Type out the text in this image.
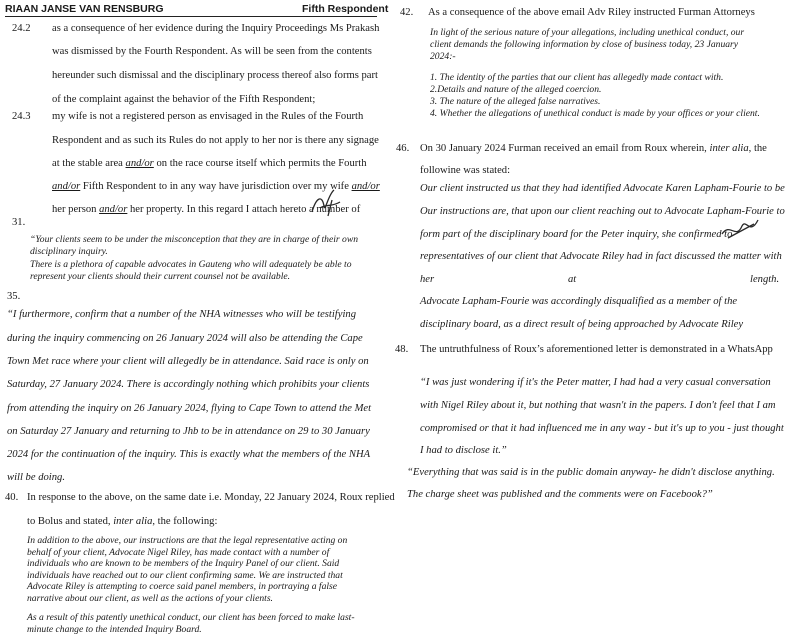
RIAAN JANSE VAN RENSBURG	Fifth Respondent
24.2 as a consequence of her evidence during the Inquiry Proceedings Ms Prakash
was dismissed by the Fourth Respondent. As will be seen from the contents
hereunder such dismissal and the disciplinary process thereof also forms part
of the complaint against the behavior of the Fifth Respondent;
24.3 my wife is not a registered person as envisaged in the Rules of the Fourth
Respondent and as such its Rules do not apply to her nor is there any signage
at the stable area and/or on the race course itself which permits the Fourth
and/or Fifth Respondent to in any way have jurisdiction over my wife and/or
her person and/or her property. In this regard I attach hereto a number of
31.
“Your clients seem to be under the misconception that they are in charge of their own
disciplinary inquiry.
There is a plethora of capable advocates in Gauteng who will adequately be able to
represent your clients should their current counsel not be available.
35.
“I furthermore, confirm that a number of the NHA witnesses who will be testifying
during the inquiry commencing on 26 January 2024 will also be attending the Cape
Town Met race where your client will allegedly be in attendance. Said race is only on
Saturday, 27 January 2024. There is accordingly nothing which prohibits your clients
from attending the inquiry on 26 January 2024, flying to Cape Town to attend the Met
on Saturday 27 January and returning to Jhb to be in attendance on 29 to 30 January
2024 for the continuation of the inquiry. This is exactly what the members of the NHA
will be doing.
40. In response to the above, on the same date i.e. Monday, 22 January 2024, Roux replied
to Bolus and stated, inter alia, the following:
In addition to the above, our instructions are that the legal representative acting on
behalf of your client, Advocate Nigel Riley, has made contact with a number of
individuals who are known to be members of the Inquiry Panel of our client. Said
individuals have reached out to our client confirming same. We are instructed that
Advocate Riley is attempting to coerce said panel members, in portraying a false
narrative about our client, as well as the actions of your clients.
As a result of this patently unethical conduct, our client has been forced to make last-
minute change to the intended Inquiry Board.
42. As a consequence of the above email Adv Riley instructed Furman Attorneys
In light of the serious nature of your allegations, including unethical conduct, our
client demands the following information by close of business today, 23 January
2024:-
1. The identity of the parties that our client has allegedly made contact with.
2.Details and nature of the alleged coercion.
3. The nature of the alleged false narratives.
4. Whether the allegations of unethical conduct is made by your offices or your client.
46. On 30 January 2024 Furman received an email from Roux wherein, inter alia, the
followine was stated:
Our client instructed us that they had identified Advocate Karen Lapham-Fourie to be
Our instructions are, that upon our client reaching out to Advocate Lapham-Fourie to
form part of the disciplinary board for the Peter inquiry, she confirmed to
representatives of our client that Advocate Riley had in fact discussed the matter with
her	at	length.
Advocate Lapham-Fourie was accordingly disqualified as a member of the
disciplinary board, as a direct result of being approached by Advocate Riley
48. The untruthfulness of Roux’s aforementioned letter is demonstrated in a WhatsApp
“I was just wondering if it's the Peter matter, I had had a very casual conversation
with Nigel Riley about it, but nothing that wasn't in the papers. I don't feel that I am
compromised or that it had influenced me in any way - but it's up to you - just thought
I had to disclose it.”
“Everything that was said is in the public domain anyway- he didn't disclose anything.
The charge sheet was published and the comments were on Facebook?”
